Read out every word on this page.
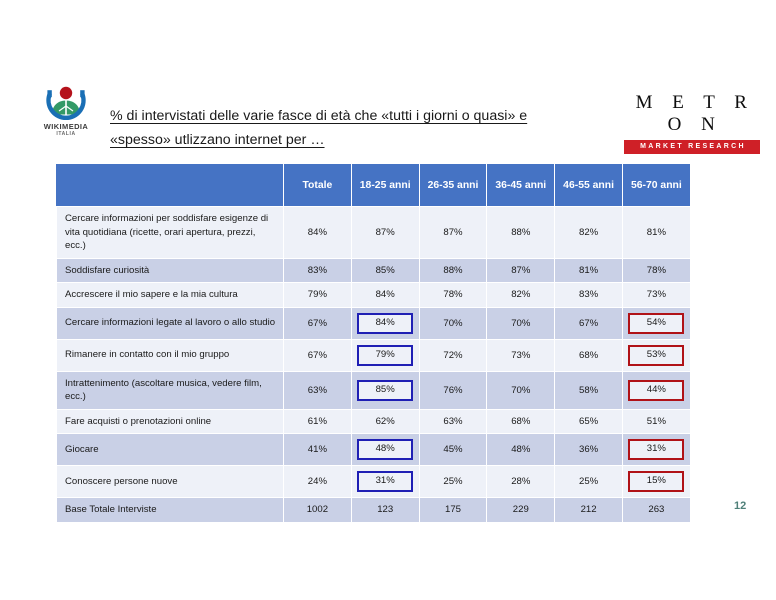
WIKIMEDIA
ITALIA
% di intervistati delle varie fasce di età che «tutti i giorni o quasi» e
«spesso» utlizzano internet per …
M E T R O N
MARKET RESEARCH
	Totale	18-25 anni	26-35 anni	36-45 anni	46-55 anni	56-70 anni
Cercare informazioni per soddisfare esigenze di vita quotidiana (ricette, orari apertura, prezzi, ecc.)	84%	87%	87%	88%	82%	81%
Soddisfare curiosità	83%	85%	88%	87%	81%	78%
Accrescere il mio sapere e la mia cultura	79%	84%	78%	82%	83%	73%
Cercare informazioni legate al lavoro o allo studio	67%	84%	70%	70%	67%	54%
Rimanere in contatto con il mio gruppo	67%	79%	72%	73%	68%	53%
Intrattenimento (ascoltare musica, vedere film, ecc.)	63%	85%	76%	70%	58%	44%
Fare acquisti o prenotazioni online	61%	62%	63%	68%	65%	51%
Giocare	41%	48%	45%	48%	36%	31%
Conoscere persone nuove	24%	31%	25%	28%	25%	15%
Base Totale Interviste	1002	123	175	229	212	263	12
